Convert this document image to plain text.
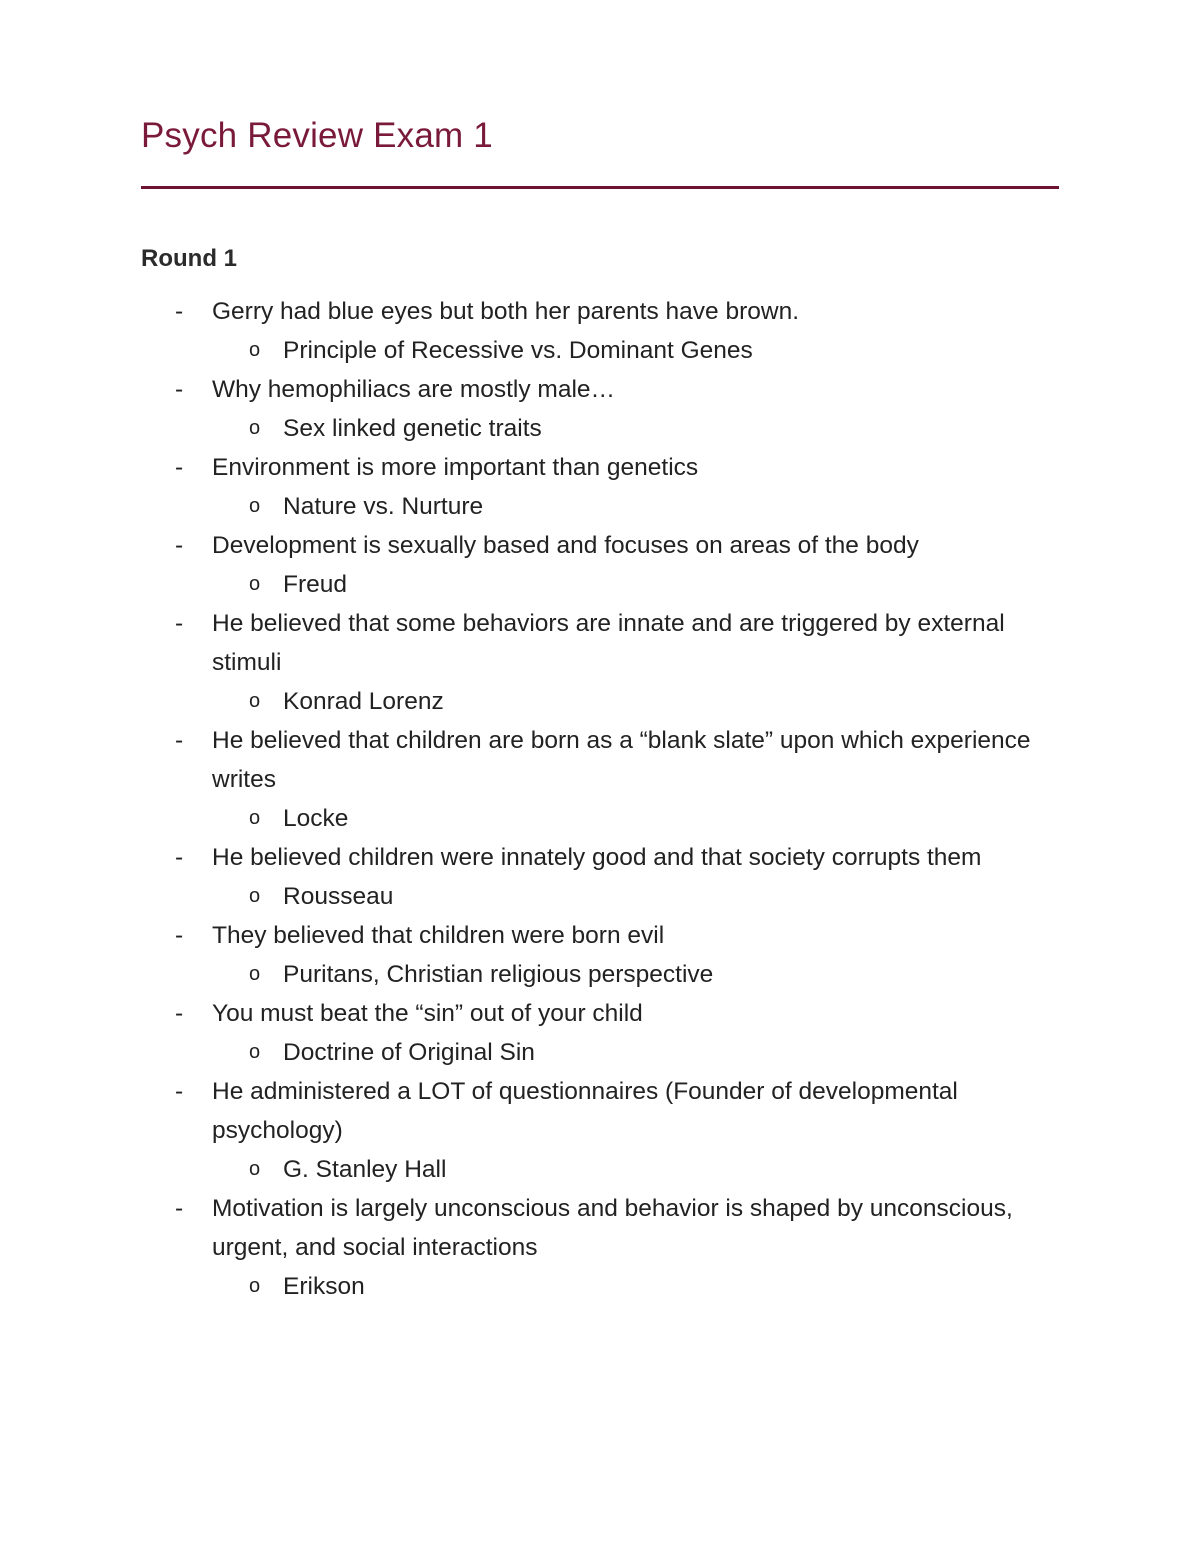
Psych Review Exam 1
Round 1
- Gerry had blue eyes but both her parents have brown.
o Principle of Recessive vs. Dominant Genes
- Why hemophiliacs are mostly male…
o Sex linked genetic traits
- Environment is more important than genetics
o Nature vs. Nurture
- Development is sexually based and focuses on areas of the body
o Freud
- He believed that some behaviors are innate and are triggered by external stimuli
o Konrad Lorenz
- He believed that children are born as a “blank slate” upon which experience writes
o Locke
- He believed children were innately good and that society corrupts them
o Rousseau
- They believed that children were born evil
o Puritans, Christian religious perspective
- You must beat the “sin” out of your child
o Doctrine of Original Sin
- He administered a LOT of questionnaires (Founder of developmental psychology)
o G. Stanley Hall
- Motivation is largely unconscious and behavior is shaped by unconscious, urgent, and social interactions
o Erikson
